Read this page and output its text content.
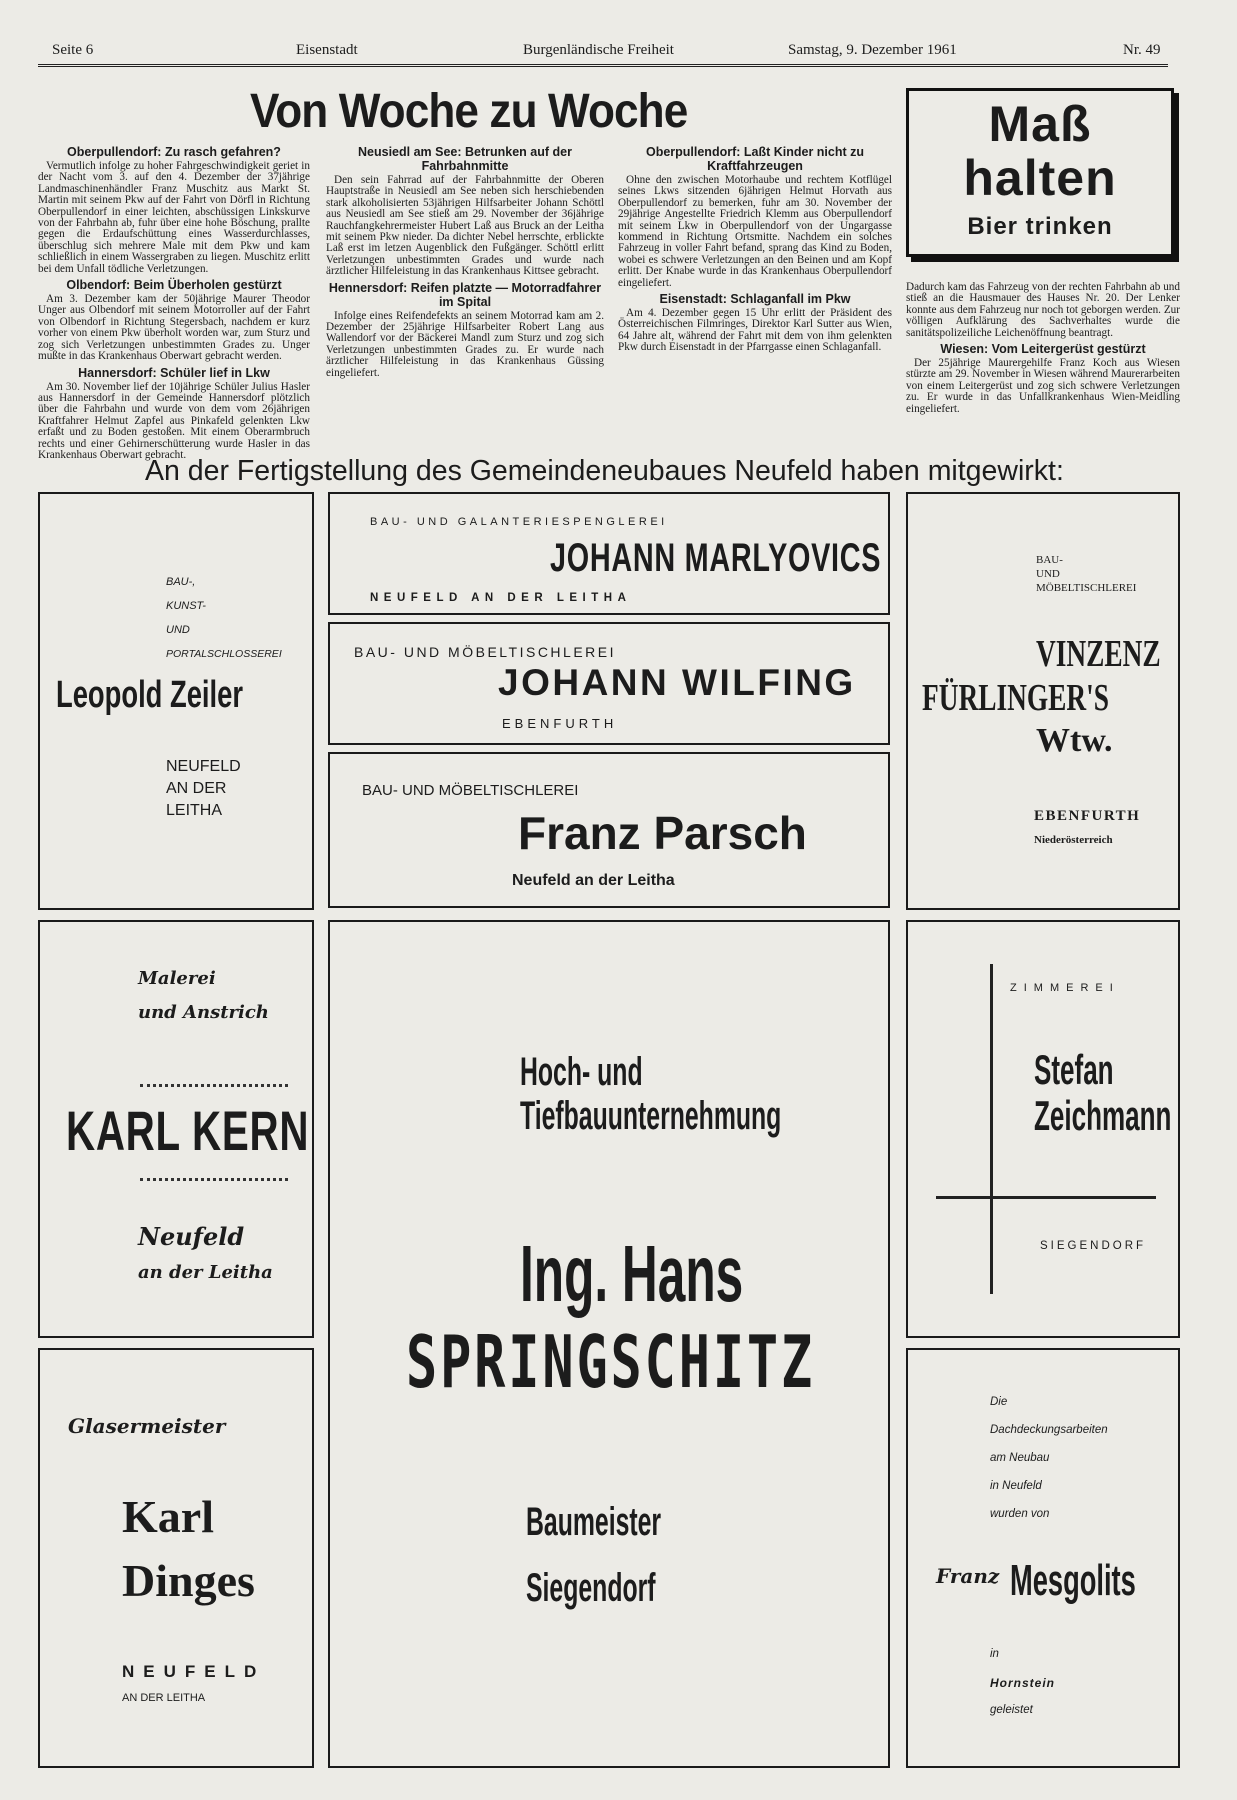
Seite 6	Eisenstadt	Burgenländische Freiheit	Samstag, 9. Dezember 1961	Nr. 49
Von Woche zu Woche
Oberpullendorf: Zu rasch gefahren?

Vermutlich infolge zu hoher Fahrgeschwindigkeit geriet in der Nacht vom 3. auf den 4. Dezember der 37jährige Landmaschinenhändler Franz Muschitz aus Markt St. Martin mit seinem Pkw auf der Fahrt von Dörfl in Richtung Oberpullendorf in einer leichten, abschüssigen Linkskurve von der Fahrbahn ab, fuhr über eine hohe Böschung, prallte gegen die Erdaufschüttung eines Wasserdurchlasses, überschlug sich mehrere Male mit dem Pkw und kam schließlich in einem Wassergraben zu liegen. Muschitz erlitt bei dem Unfall tödliche Verletzungen.

Olbendorf: Beim Überholen gestürzt

Am 3. Dezember kam der 50jährige Maurer Theodor Unger aus Olbendorf mit seinem Motorroller auf der Fahrt von Olbendorf in Richtung Stegersbach, nachdem er kurz vorher von einem Pkw überholt worden war, zum Sturz und zog sich Verletzungen unbestimmten Grades zu. Unger mußte in das Krankenhaus Oberwart gebracht werden.

Hannersdorf: Schüler lief in Lkw

Am 30. November lief der 10jährige Schüler Julius Hasler aus Hannersdorf in der Gemeinde Hannersdorf plötzlich über die Fahrbahn und wurde von dem vom 26jährigen Kraftfahrer Helmut Zapfel aus Pinkafeld gelenkten Lkw erfaßt und zu Boden gestoßen. Mit einem Oberarmbruch rechts und einer Gehirnerschütterung wurde Hasler in das Krankenhaus Oberwart gebracht.

Neusiedl am See: Betrunken auf der Fahrbahnmitte

Den sein Fahrrad auf der Fahrbahnmitte der Oberen Hauptstraße in Neusiedl am See neben sich herschiebenden stark alkoholisierten 53jährigen Hilfsarbeiter Johann Schöttl aus Neusiedl am See stieß am 29. November der 36jährige Rauchfangkehrermeister Hubert Laß aus Bruck an der Leitha mit seinem Pkw nieder. Da dichter Nebel herrschte, erblickte Laß erst im letzen Augenblick den Fußgänger. Schöttl erlitt Verletzungen unbestimmten Grades und wurde nach ärztlicher Hilfeleistung in das Krankenhaus Kittsee gebracht.

Hennersdorf: Reifen platzte — Motorradfahrer im Spital

Infolge eines Reifendefekts an seinem Motorrad kam am 2. Dezember der 25jährige Hilfsarbeiter Robert Lang aus Wallendorf vor der Bäckerei Mandl zum Sturz und zog sich Verletzungen unbestimmten Grades zu. Er wurde nach ärztlicher Hilfeleistung in das Krankenhaus Güssing eingeliefert.

Oberpullendorf: Laßt Kinder nicht zu Kraftfahrzeugen

Ohne den zwischen Motorhaube und rechtem Kotflügel seines Lkws sitzenden 6jährigen Helmut Horvath aus Oberpullendorf zu bemerken, fuhr am 30. November der 29jährige Angestellte Friedrich Klemm aus Oberpullendorf mit seinem Lkw in Oberpullendorf von der Ungargasse kommend in Richtung Ortsmitte. Nachdem ein solches Fahrzeug in voller Fahrt befand, sprang das Kind zu Boden, wobei es schwere Verletzungen an den Beinen und am Kopf erlitt. Der Knabe wurde in das Krankenhaus Oberpullendorf eingeliefert.

Eisenstadt: Schlaganfall im Pkw

Am 4. Dezember gegen 15 Uhr erlitt der Präsident des Österreichischen Filmringes, Direktor Karl Sutter aus Wien, 64 Jahre alt, während der Fahrt mit dem von ihm gelenkten Pkw durch Eisenstadt in der Pfarrgasse einen Schlaganfall.

Dadurch kam das Fahrzeug von der rechten Fahrbahn ab und stieß an die Hausmauer des Hauses Nr. 20. Der Lenker konnte aus dem Fahrzeug nur noch tot geborgen werden. Zur völligen Aufklärung des Sachverhaltes wurde die sanitätspolizeiliche Leichenöffnung beantragt.

Wiesen: Vom Leitergerüst gestürzt

Der 25jährige Maurergehilfe Franz Koch aus Wiesen stürzte am 29. November in Wiesen während Maurerarbeiten von einem Leitergerüst und zog sich schwere Verletzungen zu. Er wurde in das Unfallkrankenhaus Wien-Meidling eingeliefert.

Maß
halten
Bier trinken
An der Fertigstellung des Gemeindeneubaues Neufeld haben mitgewirkt:
BAU-,
KUNST-
UND
PORTALSCHLOSSEREI
Leopold Zeiler
NEUFELD
AN DER
LEITHA
BAU- UND GALANTERIESPENGLEREI
JOHANN MARLYOVICS
NEUFELD AN DER LEITHA
BAU- UND MÖBELTISCHLEREI
JOHANN WILFING
EBENFURTH
BAU- UND MÖBELTISCHLEREI
Franz Parsch
Neufeld an der Leitha
BAU-
UND
MÖBELTISCHLEREI
VINZENZ
FÜRLINGER'S
Wtw.
EBENFURTH
Niederösterreich
Malerei
und Anstrich
KARL KERN
Neufeld
an der Leitha
Hoch- und
Tiefbauunternehmung
Ing. Hans
SPRINGSCHITZ
Baumeister
Siegendorf
ZIMMEREI
Stefan
Zeichmann
SIEGENDORF
Glasermeister
Karl
Dinges
NEUFELD
AN DER LEITHA
Die
Dachdeckungsarbeiten
am Neubau
in Neufeld
wurden von
Franz Mesgolits
in
Hornstein
geleistet
